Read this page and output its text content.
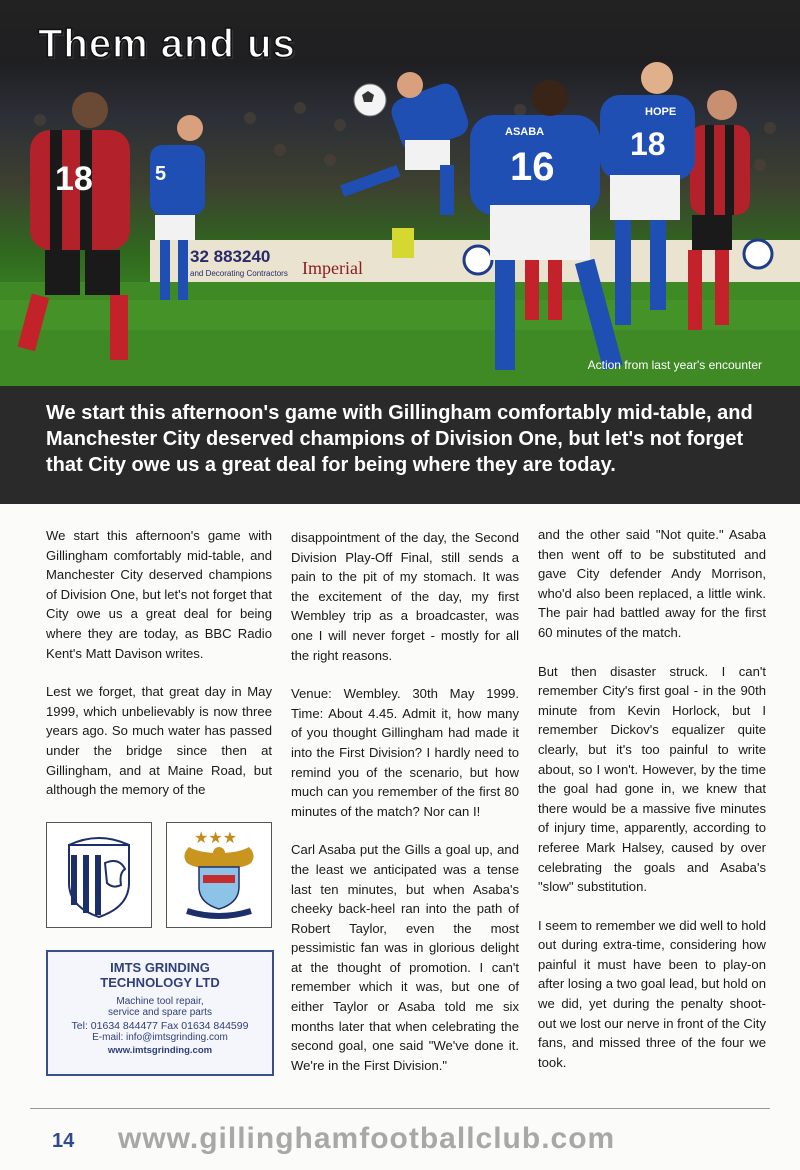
32 883240
and Decorating Contractors Imperial
18	5	16
ASABA	18
HOPE
Them and us
Action from last year's encounter

We start this afternoon's game with Gillingham comfortably mid-table, and Manchester City deserved champions of Division One, but let's not forget that City owe us a great deal for being where they are today.

We start this afternoon's game with Gillingham comfortably mid-table, and Manchester City deserved champions of Division One, but let's not forget that City owe us a great deal for being where they are today, as BBC Radio Kent's Matt Davison writes.

Lest we forget, that great day in May 1999, which unbelievably is now three years ago. So much water has passed under the bridge since then at Gillingham, and at Maine Road, but although the memory of the

★★★

disappointment of the day, the Second Division Play-Off Final, still sends a pain to the pit of my stomach. It was the excitement of the day, my first Wembley trip as a broadcaster, was one I will never forget - mostly for all the right reasons.

Venue: Wembley. 30th May 1999. Time: About 4.45. Admit it, how many of you thought Gillingham had made it into the First Division? I hardly need to remind you of the scenario, but how much can you remember of the first 80 minutes of the match? Nor can I!

Carl Asaba put the Gills a goal up, and the least we anticipated was a tense last ten minutes, but when Asaba's cheeky back-heel ran into the path of Robert Taylor, even the most pessimistic fan was in glorious delight at the thought of promotion. I can't remember which it was, but one of either Taylor or Asaba told me six months later that when celebrating the second goal, one said "We've done it. We're in the First Division."

and the other said "Not quite." Asaba then went off to be substituted and gave City defender Andy Morrison, who'd also been replaced, a little wink. The pair had battled away for the first 60 minutes of the match.

But then disaster struck. I can't remember City's first goal - in the 90th minute from Kevin Horlock, but I remember Dickov's equalizer quite clearly, but it's too painful to write about, so I won't. However, by the time the goal had gone in, we knew that there would be a massive five minutes of injury time, apparently, according to referee Mark Halsey, caused by over celebrating the goals and Asaba's "slow" substitution.

I seem to remember we did well to hold out during extra-time, considering how painful it must have been to play-on after losing a two goal lead, but hold on we did, yet during the penalty shoot-out we lost our nerve in front of the City fans, and missed three of the four we took.

IMTS GRINDING
TECHNOLOGY LTD
Machine tool repair,
service and spare parts
Tel: 01634 844477 Fax 01634 844599
E-mail: info@imtsgrinding.com
www.imtsgrinding.com
14 www.gillinghamfootballclub.com
